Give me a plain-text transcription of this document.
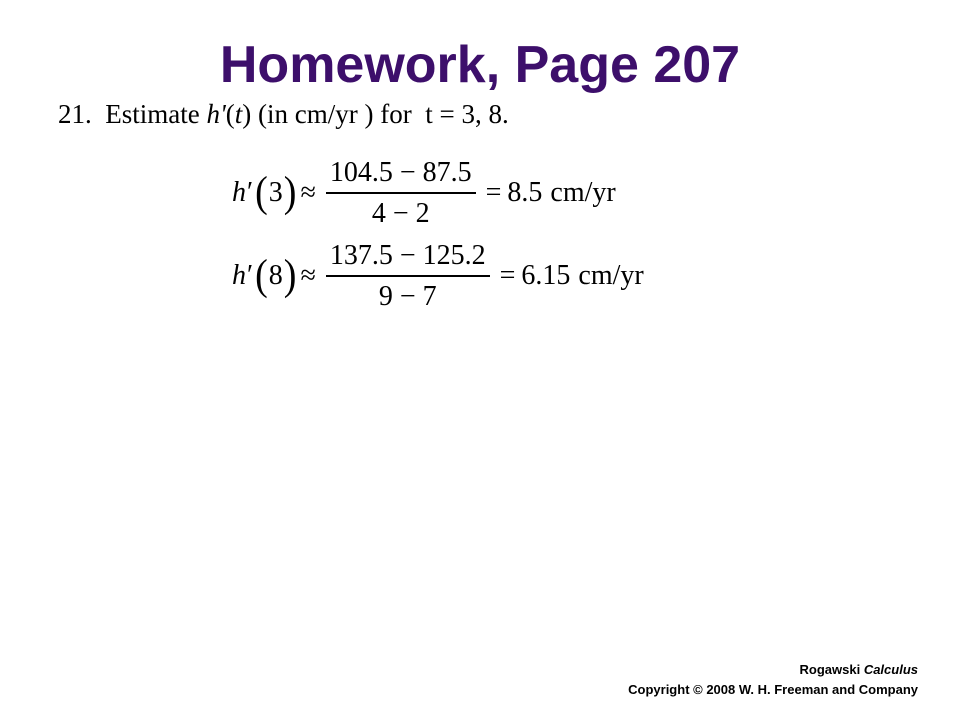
Homework, Page 207
21. Estimate h'(t) (in cm/yr ) for  t = 3, 8.
h ′ ( 3 ) ≈ $\frac{104.5 - 87.5}{4 - 2} = 8.5$ cm/yr
h ′ ( 8 ) ≈ $\frac{137.5 - 125.2}{9 - 7} = 6.15$ cm/yr
Rogawski Calculus
Copyright © 2008 W. H. Freeman and Company
